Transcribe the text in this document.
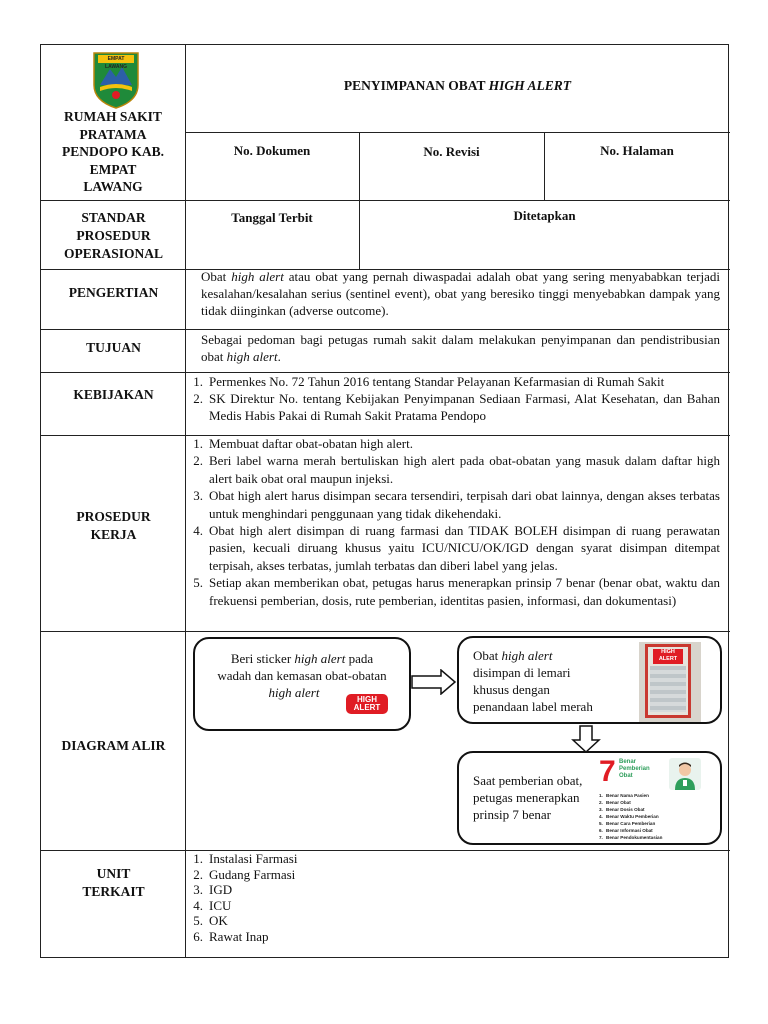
EMPAT LAWANG
RUMAH SAKIT
PRATAMA
PENDOPO KAB.
EMPAT
LAWANG
PENYIMPANAN OBAT HIGH ALERT
No. Dokumen	No. Revisi	No. Halaman
STANDAR
PROSEDUR
OPERASIONAL
Tanggal Terbit	Ditetapkan
PENGERTIAN
Obat high alert atau obat yang pernah diwaspadai adalah obat yang sering menyababkan terjadi kesalahan/kesalahan serius (sentinel event), obat yang beresiko tinggi menyebabkan dampak yang tidak diinginkan (adverse outcome).
TUJUAN
Sebagai pedoman bagi petugas rumah sakit dalam melakukan penyimpanan dan pendistribusian obat high alert.
KEBIJAKAN
1. Permenkes No. 72 Tahun 2016 tentang Standar Pelayanan Kefarmasian di Rumah Sakit
2. SK Direktur No. tentang Kebijakan Penyimpanan Sediaan Farmasi, Alat Kesehatan, dan Bahan Medis Habis Pakai di Rumah Sakit Pratama Pendopo
PROSEDUR
KERJA
1. Membuat daftar obat-obatan high alert.
2. Beri label warna merah bertuliskan high alert pada obat-obatan yang masuk dalam daftar high alert baik obat oral maupun injeksi.
3. Obat high alert harus disimpan secara tersendiri, terpisah dari obat lainnya, dengan akses terbatas untuk menghindari penggunaan yang tidak dikehendaki.
4. Obat high alert disimpan di ruang farmasi dan TIDAK BOLEH disimpan di ruang perawatan pasien, kecuali diruang khusus yaitu ICU/NICU/OK/IGD dengan syarat disimpan ditempat terpisah, akses terbatas, jumlah terbatas dan diberi label yang jelas.
5. Setiap akan memberikan obat, petugas harus menerapkan prinsip 7 benar (benar obat, waktu dan frekuensi pemberian, dosis, rute pemberian, identitas pasien, informasi, dan dokumentasi)
DIAGRAM ALIR
Beri sticker high alert pada
wadah dan kemasan obat-obatan
high alert	HIGH
ALERT
Obat high alert
disimpan di lemari
khusus dengan
penandaan label merah
HIGH ALERT
Saat pemberian obat,
petugas menerapkan
prinsip 7 benar
7 Benar
Pemberian
Obat
1. Benar Nama Pasien
2. Benar Obat
3. Benar Dosis Obat
4. Benar Waktu Pemberian
5. Benar Cara Pemberian
6. Benar Informasi Obat
7. Benar Pendokumentasian
UNIT
TERKAIT
1. Instalasi Farmasi
2. Gudang Farmasi
3. IGD
4. ICU
5. OK
6. Rawat Inap
